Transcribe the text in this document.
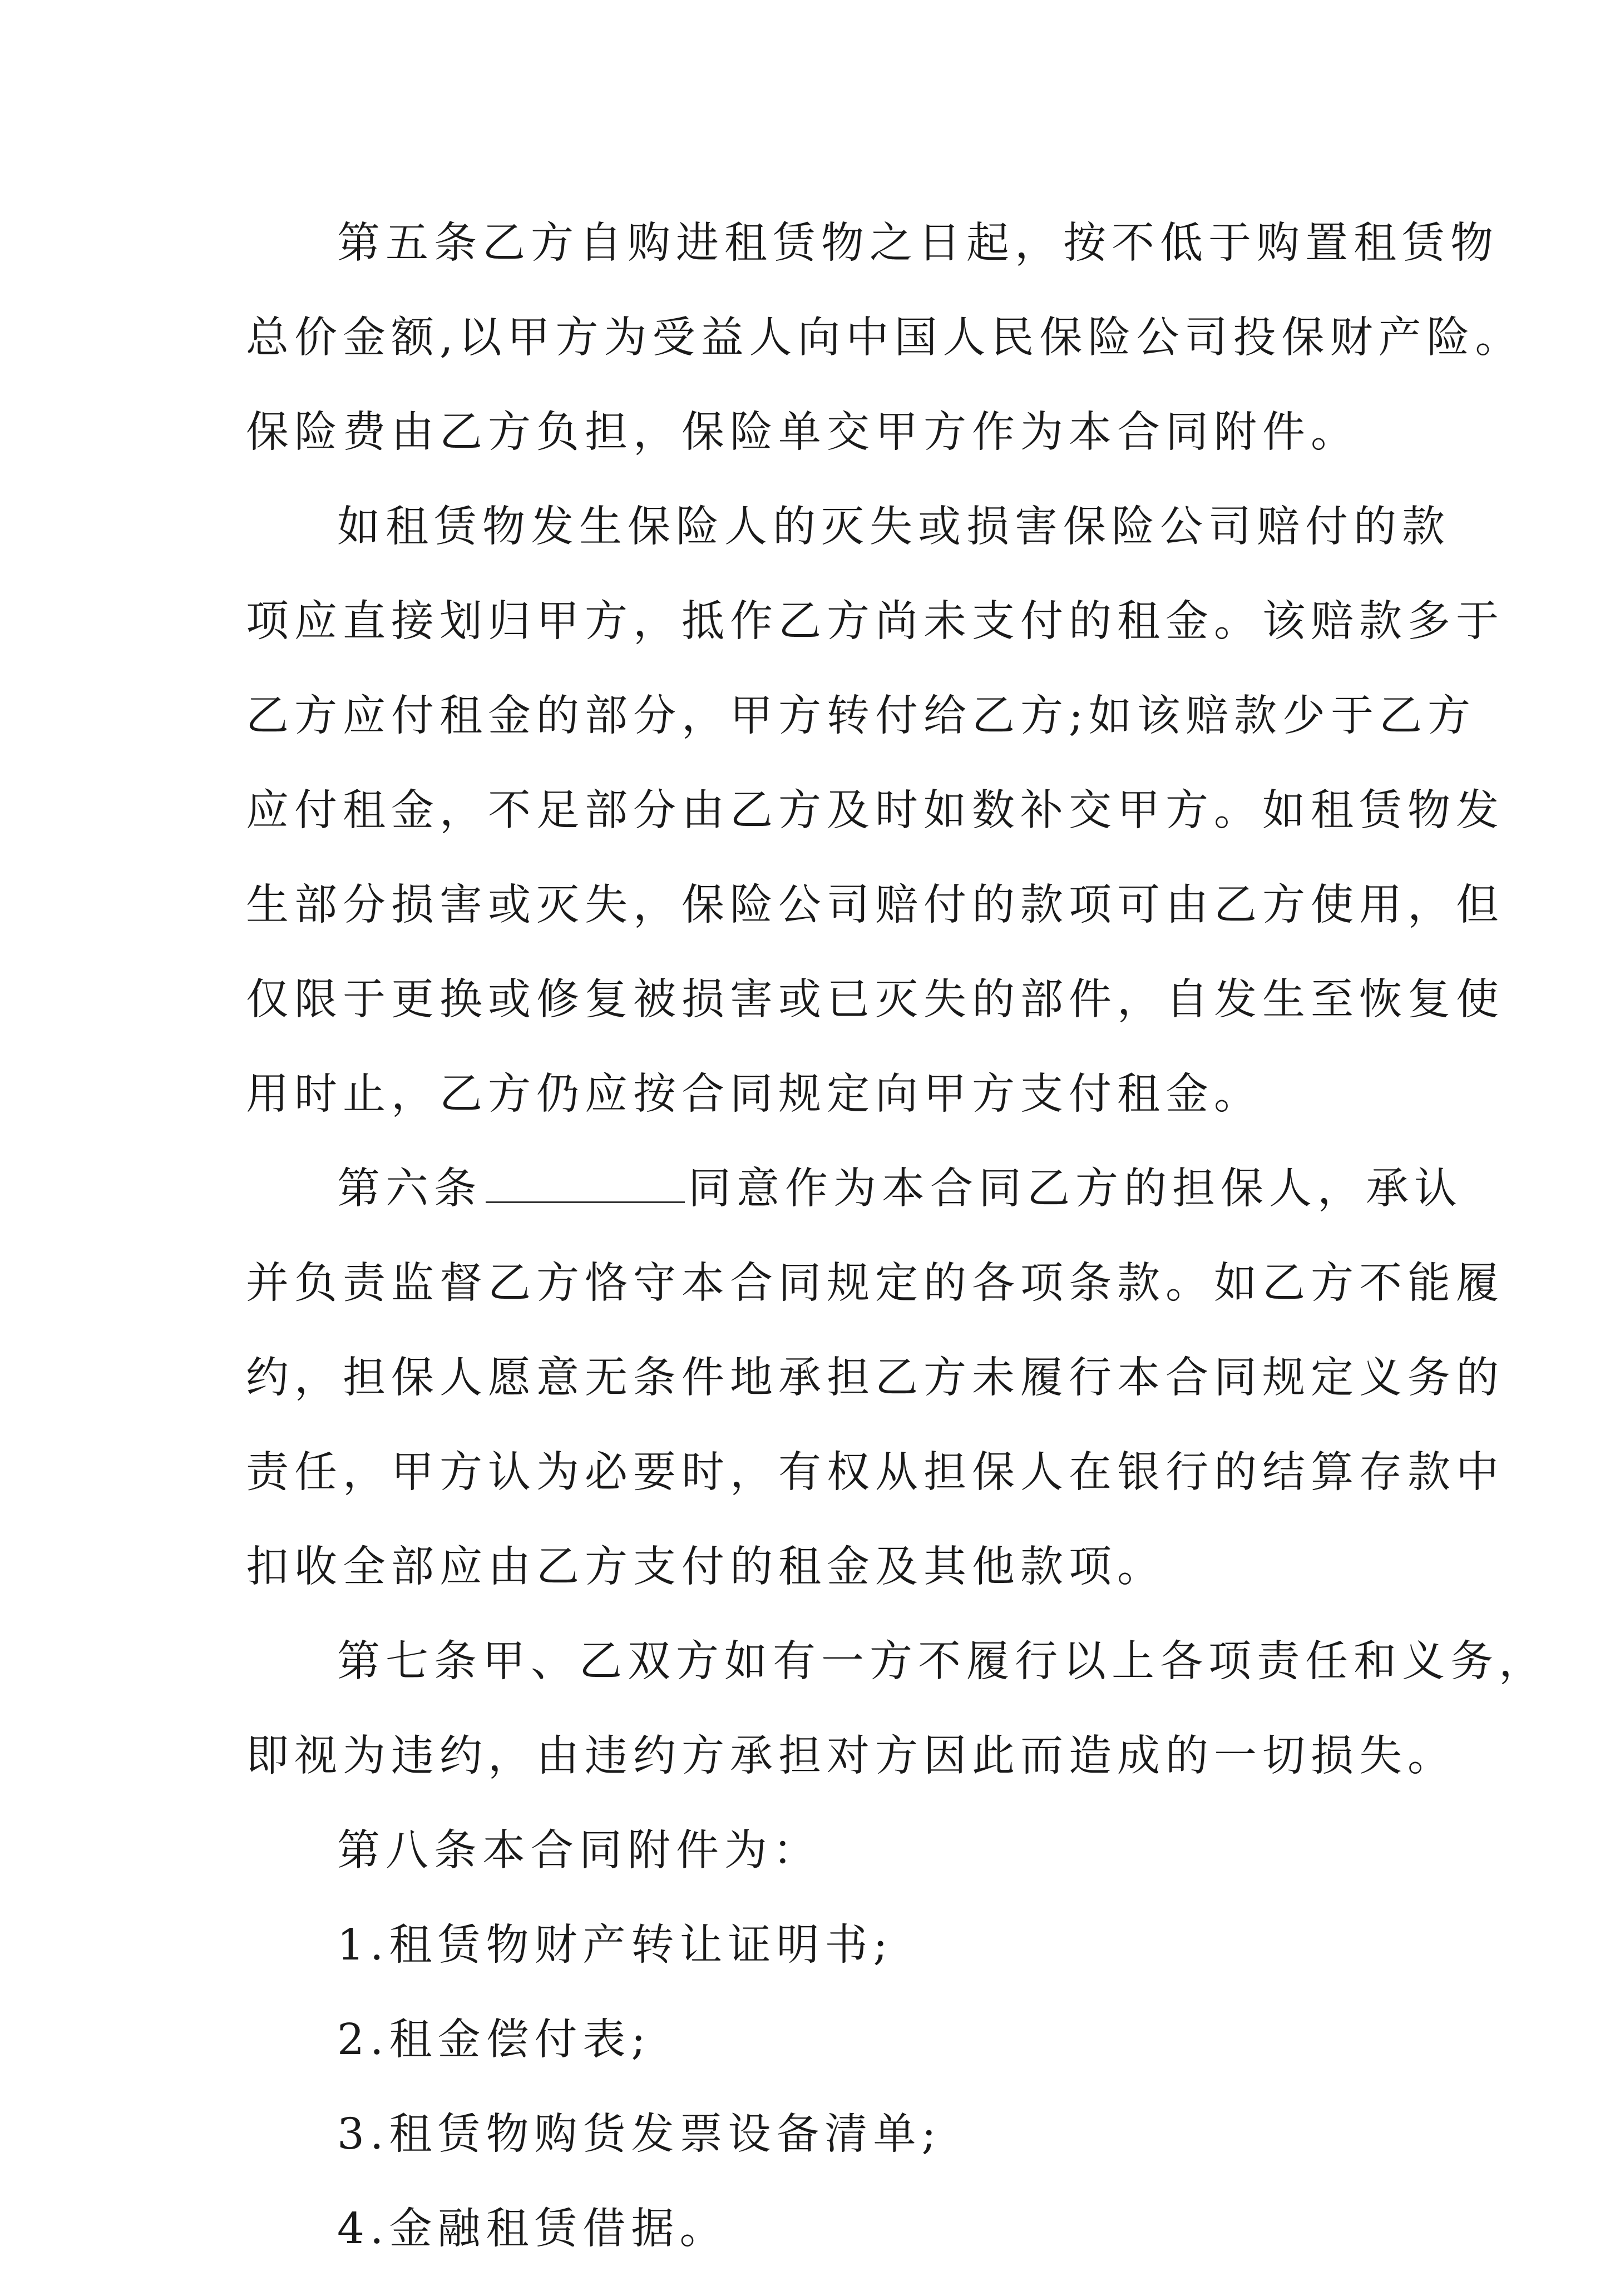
第五条乙方自购进租赁物之日起，按不低于购置租赁物
总价金额,以甲方为受益人向中国人民保险公司投保财产险。
保险费由乙方负担，保险单交甲方作为本合同附件。
如租赁物发生保险人的灭失或损害保险公司赔付的款
项应直接划归甲方，抵作乙方尚未支付的租金。该赔款多于
乙方应付租金的部分，甲方转付给乙方;如该赔款少于乙方
应付租金，不足部分由乙方及时如数补交甲方。如租赁物发
生部分损害或灭失，保险公司赔付的款项可由乙方使用，但
仅限于更换或修复被损害或已灭失的部件，自发生至恢复使
用时止，乙方仍应按合同规定向甲方支付租金。
第六条	同意作为本合同乙方的担保人，承认
并负责监督乙方恪守本合同规定的各项条款。如乙方不能履
约，担保人愿意无条件地承担乙方未履行本合同规定义务的
责任，甲方认为必要时，有权从担保人在银行的结算存款中
扣收全部应由乙方支付的租金及其他款项。
第七条甲、乙双方如有一方不履行以上各项责任和义务，
即视为违约，由违约方承担对方因此而造成的一切损失。
第八条本合同附件为：
1.租赁物财产转让证明书;
2.租金偿付表;
3.租赁物购货发票设备清单;
4.金融租赁借据。
